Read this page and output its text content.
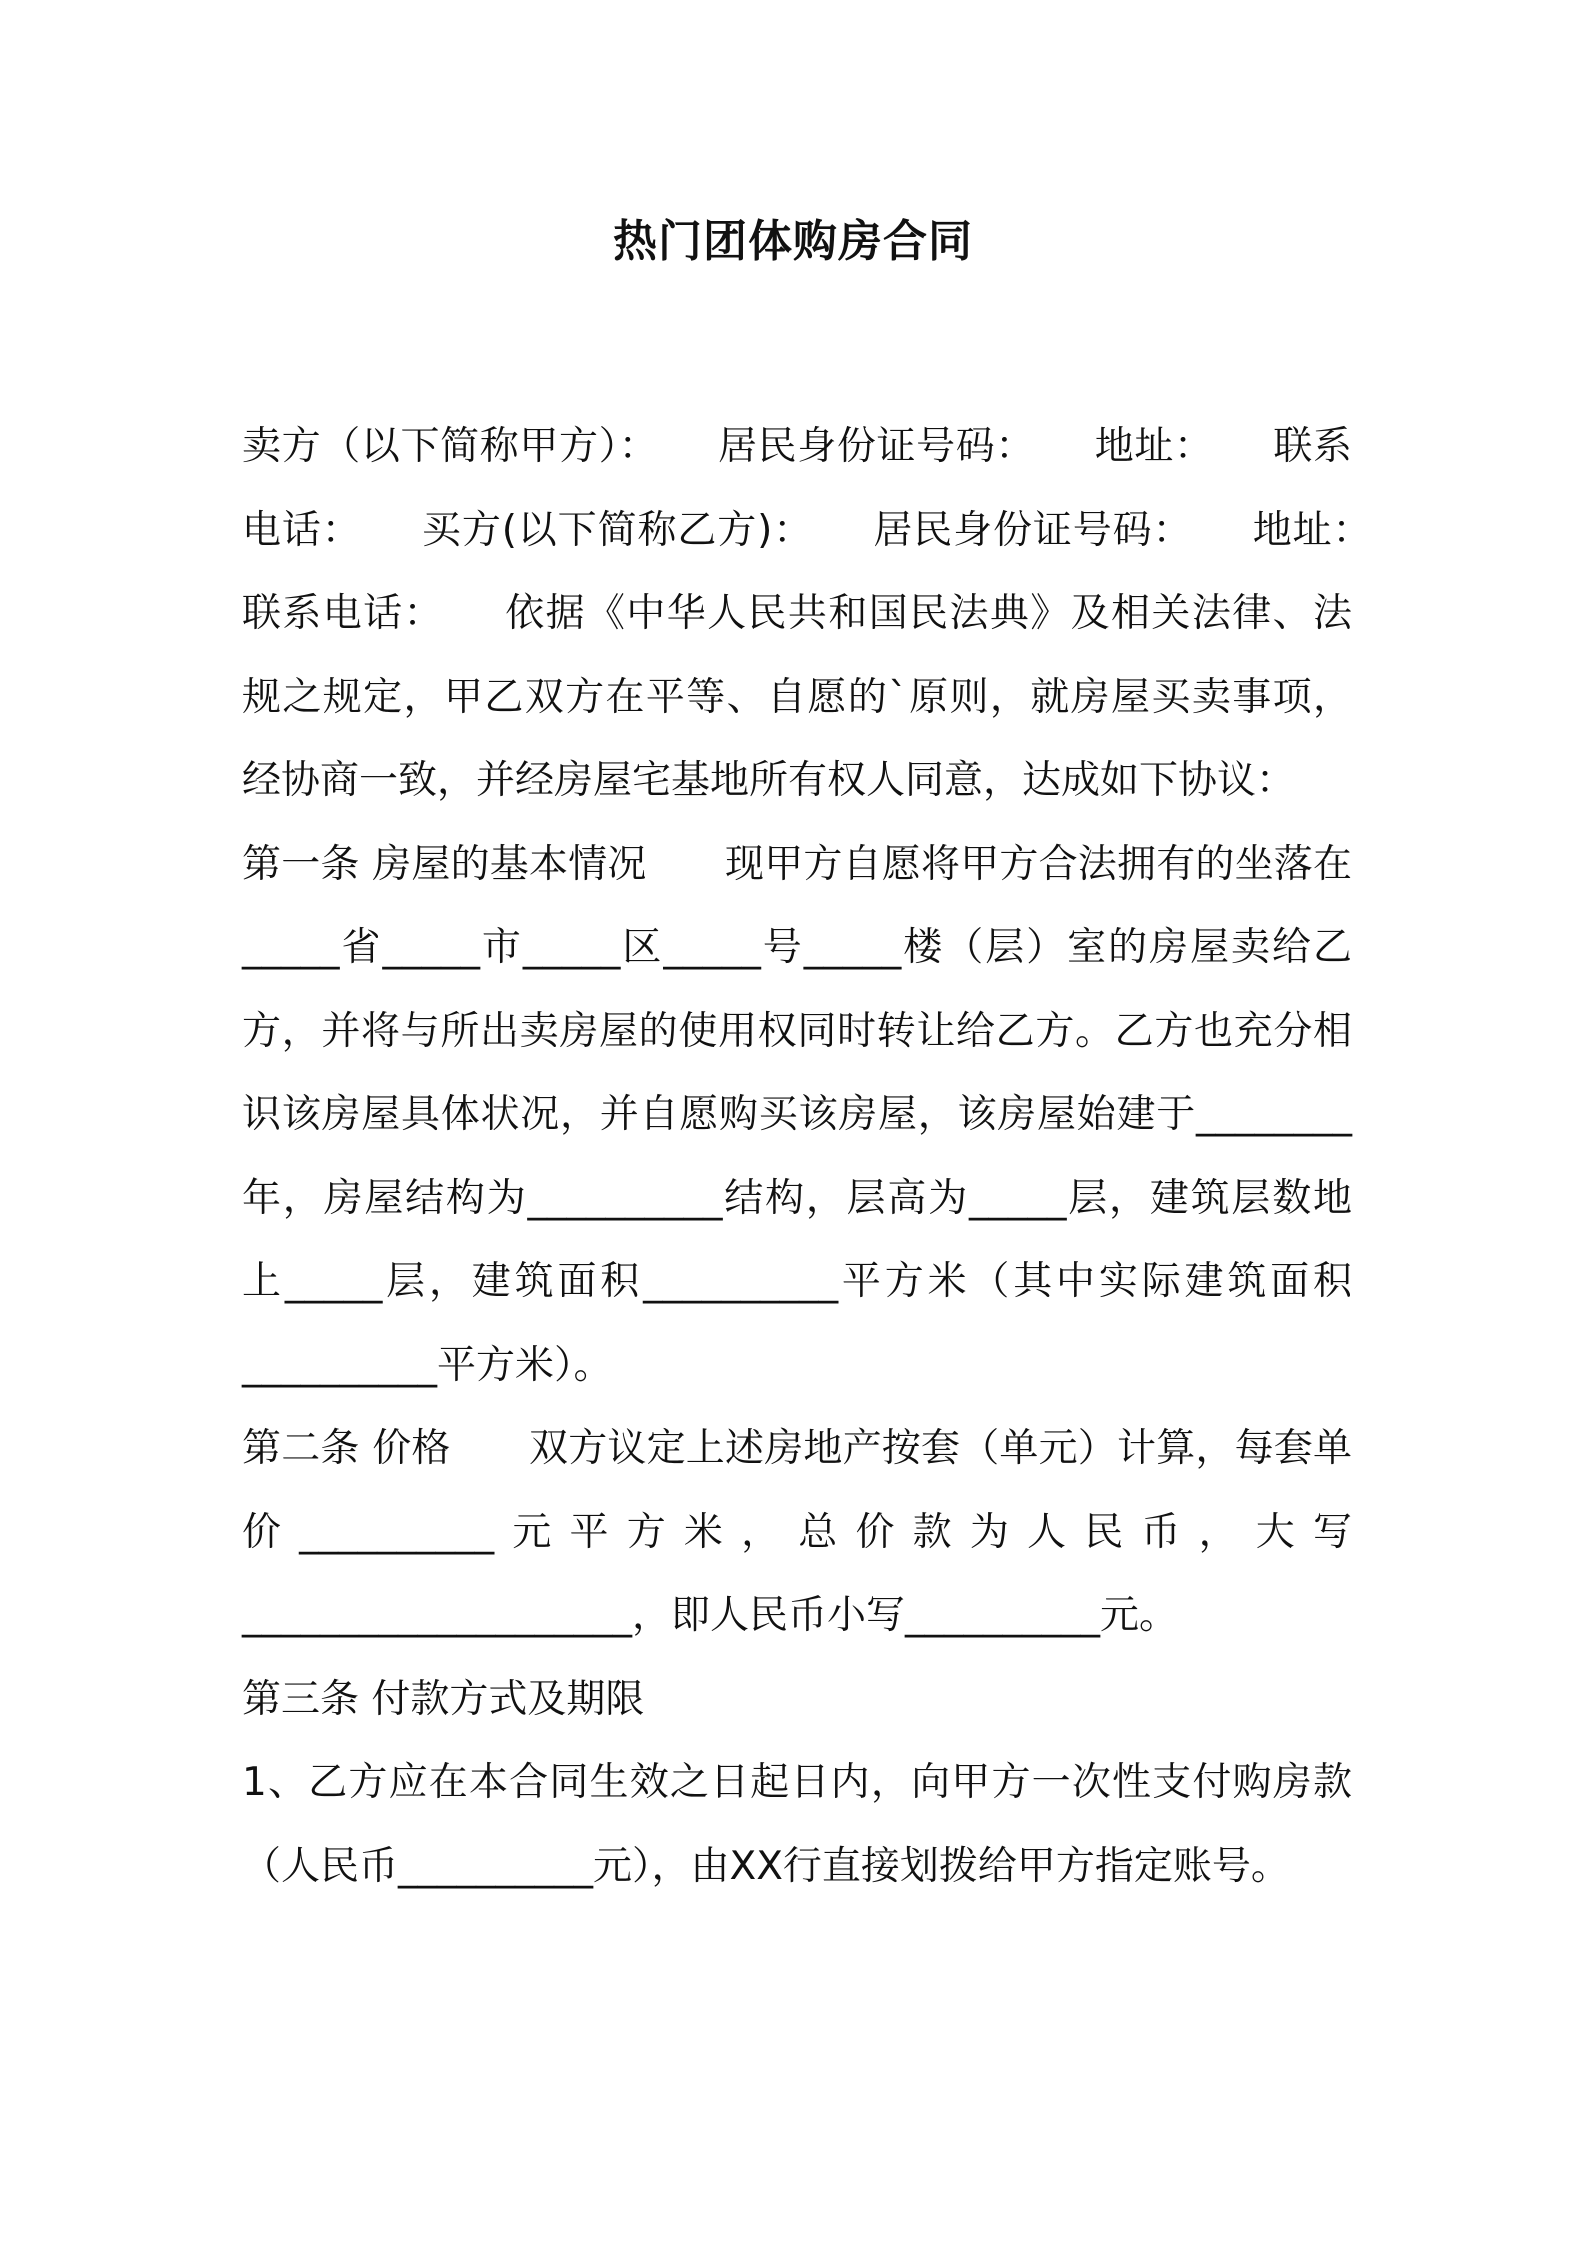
热门团体购房合同

卖方（以下简称甲方）：　　居民身份证号码：　　地址：　　联系电话：　　买方(以下简称乙方)：　　居民身份证号码：　　地址：　　联系电话：　　依据《中华人民共和国民法典》及相关法律、法规之规定，甲乙双方在平等、自愿的`原则，就房屋买卖事项，经协商一致，并经房屋宅基地所有权人同意，达成如下协议：

第一条 房屋的基本情况　　现甲方自愿将甲方合法拥有的坐落在_____省_____市_____区_____号_____楼（层）室的房屋卖给乙方，并将与所出卖房屋的使用权同时转让给乙方。乙方也充分相识该房屋具体状况，并自愿购买该房屋，该房屋始建于________年，房屋结构为__________结构，层高为_____层，建筑层数地上_____层，建筑面积__________平方米（其中实际建筑面积__________平方米）。

第二条 价格　　双方议定上述房地产按套（单元）计算，每套单价__________元平方米，总价款为人民币，大写____________________，即人民币小写__________元。

第三条 付款方式及期限

1、乙方应在本合同生效之日起日内，向甲方一次性支付购房款（人民币__________元），由XX行直接划拨给甲方指定账号。
